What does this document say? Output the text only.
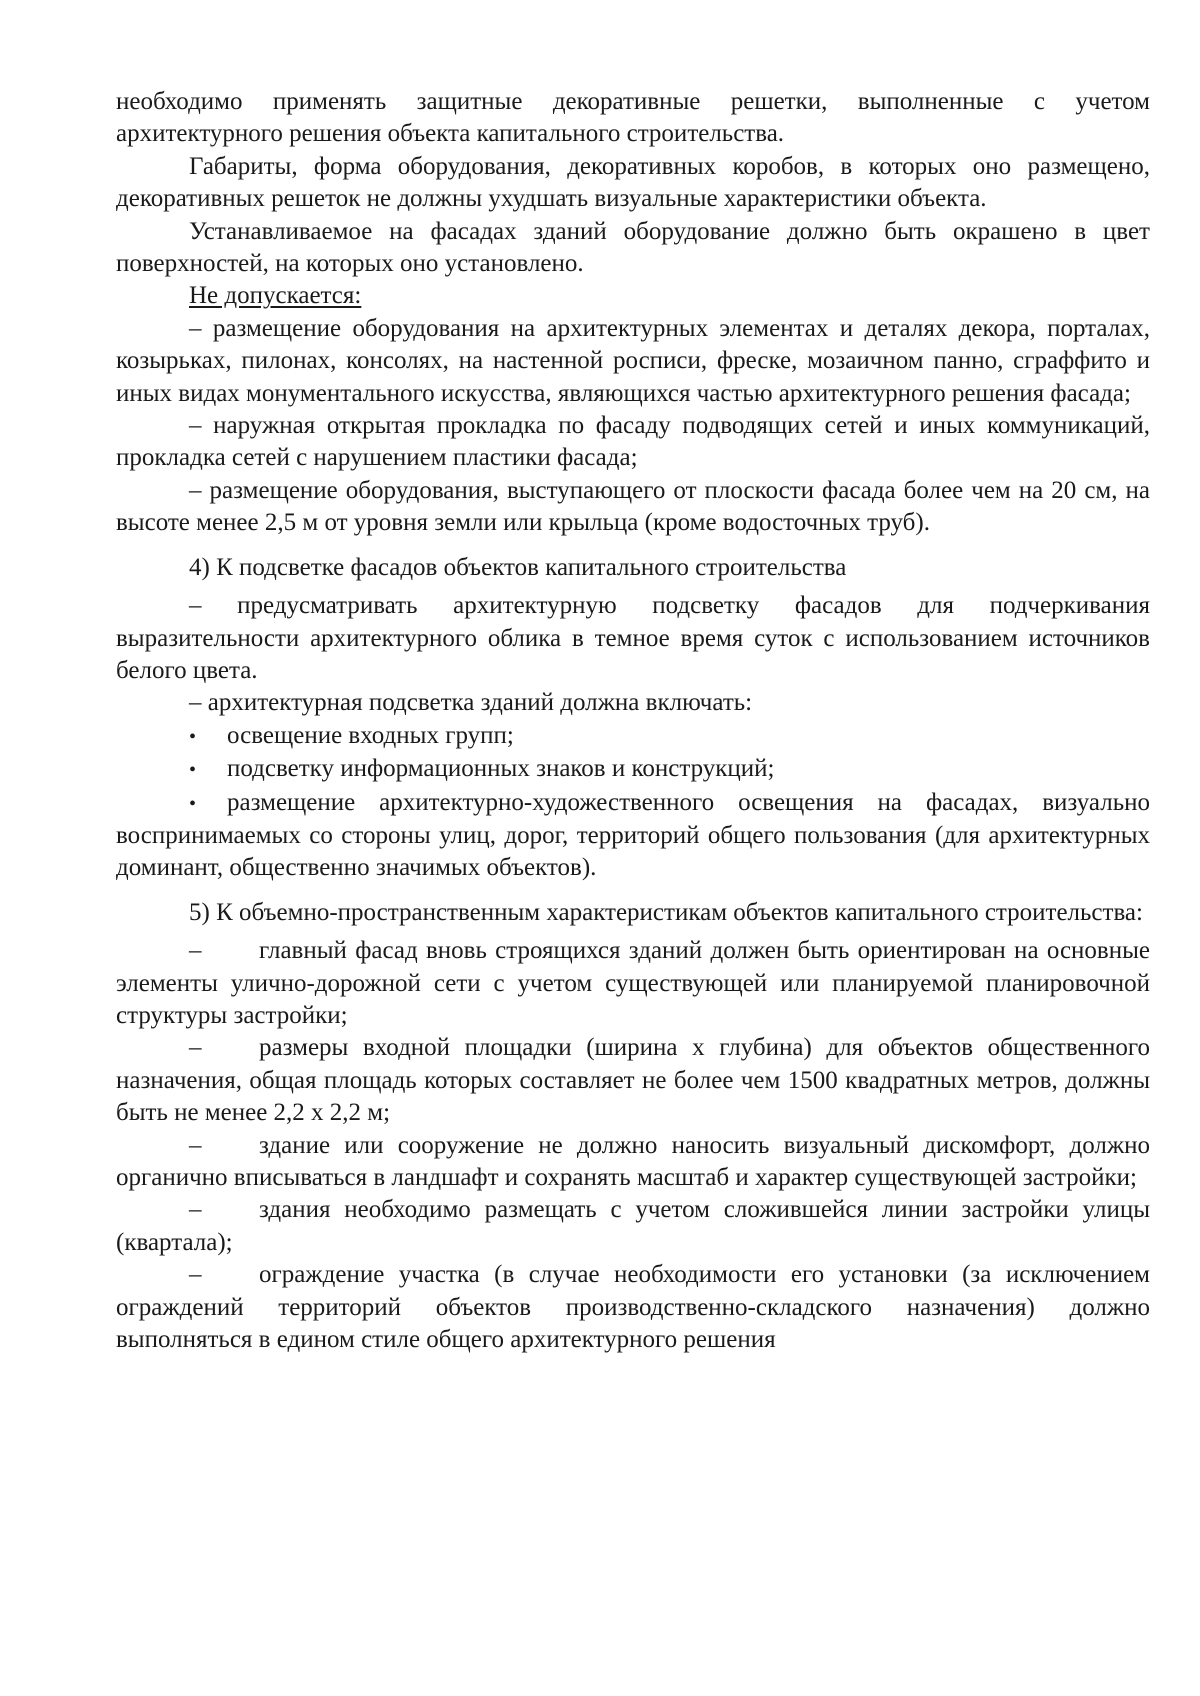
необходимо применять защитные декоративные решетки, выполненные с учетом архитектурного решения объекта капитального строительства.

Габариты, форма оборудования, декоративных коробов, в которых оно размещено, декоративных решеток не должны ухудшать визуальные характеристики объекта.

Устанавливаемое на фасадах зданий оборудование должно быть окрашено в цвет поверхностей, на которых оно установлено.

Не допускается:

– размещение оборудования на архитектурных элементах и деталях декора, порталах, козырьках, пилонах, консолях, на настенной росписи, фреске, мозаичном панно, сграффито и иных видах монументального искусства, являющихся частью архитектурного решения фасада;

– наружная открытая прокладка по фасаду подводящих сетей и иных коммуникаций, прокладка сетей с нарушением пластики фасада;

– размещение оборудования, выступающего от плоскости фасада более чем на 20 см, на высоте менее 2,5 м от уровня земли или крыльца (кроме водосточных труб).

4) К подсветке фасадов объектов капитального строительства

– предусматривать архитектурную подсветку фасадов для подчеркивания выразительности архитектурного облика в темное время суток с использованием источников белого цвета.

– архитектурная подсветка зданий должна включать:

•	освещение входных групп;
•	подсветку информационных знаков и конструкций;

• размещение архитектурно-художественного освещения на фасадах, визуально воспринимаемых со стороны улиц, дорог, территорий общего пользования (для архитектурных доминант, общественно значимых объектов).

5) К объемно-пространственным характеристикам объектов капитального строительства:

– главный фасад вновь строящихся зданий должен быть ориентирован на основные элементы улично-дорожной сети с учетом существующей или планируемой планировочной структуры застройки;

– размеры входной площадки (ширина х глубина) для объектов общественного назначения, общая площадь которых составляет не более чем 1500 квадратных метров, должны быть не менее 2,2 х 2,2 м;

– здание или сооружение не должно наносить визуальный дискомфорт, должно органично вписываться в ландшафт и сохранять масштаб и характер существующей застройки;

– здания необходимо размещать с учетом сложившейся линии застройки улицы (квартала);

– ограждение участка (в случае необходимости его установки (за исключением ограждений территорий объектов производственно-складского назначения) должно выполняться в едином стиле общего архитектурного решения
